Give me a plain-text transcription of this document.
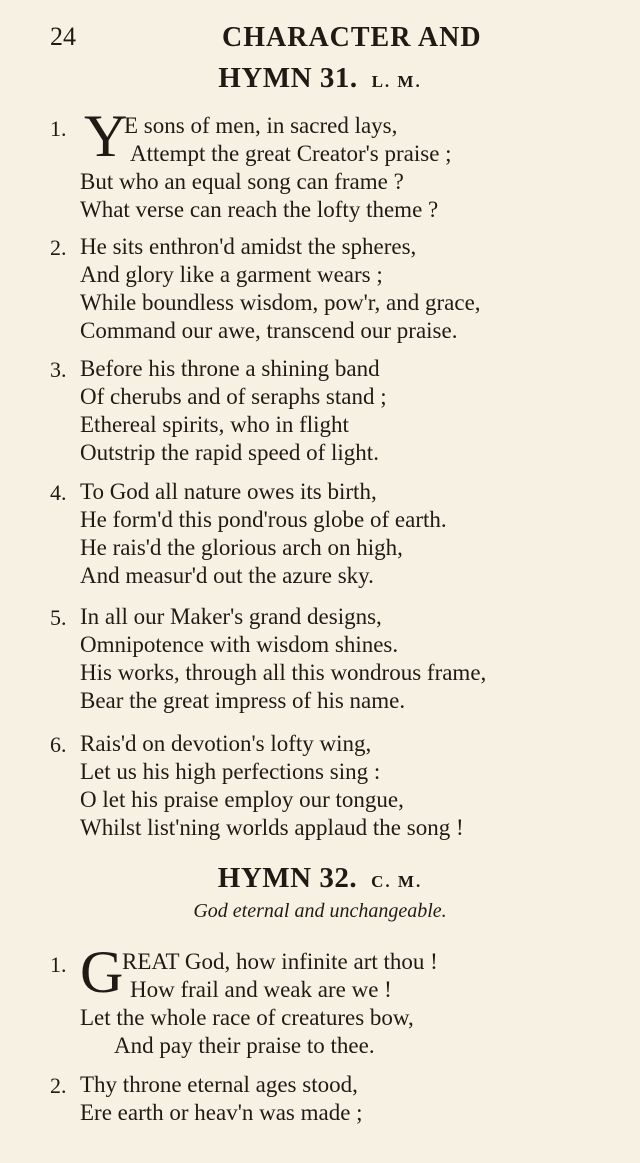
24	CHARACTER AND
HYMN 31. L. M.
1. Y
E sons of men, in sacred lays,
Attempt the great Creator's praise ;
But who an equal song can frame ?
What verse can reach the lofty theme ?
2. He sits enthron'd amidst the spheres,
And glory like a garment wears ;
While boundless wisdom, pow'r, and grace,
Command our awe, transcend our praise.
3. Before his throne a shining band
Of cherubs and of seraphs stand ;
Ethereal spirits, who in flight
Outstrip the rapid speed of light.
4. To God all nature owes its birth,
He form'd this pond'rous globe of earth.
He rais'd the glorious arch on high,
And measur'd out the azure sky.
5. In all our Maker's grand designs,
Omnipotence with wisdom shines.
His works, through all this wondrous frame,
Bear the great impress of his name.
6. Rais'd on devotion's lofty wing,
Let us his high perfections sing :
O let his praise employ our tongue,
Whilst list'ning worlds applaud the song !
HYMN 32. C. M.
God eternal and unchangeable.
1. G
REAT God, how infinite art thou !
How frail and weak are we !
Let the whole race of creatures bow,
And pay their praise to thee.
2. Thy throne eternal ages stood,
Ere earth or heav'n was made ;
